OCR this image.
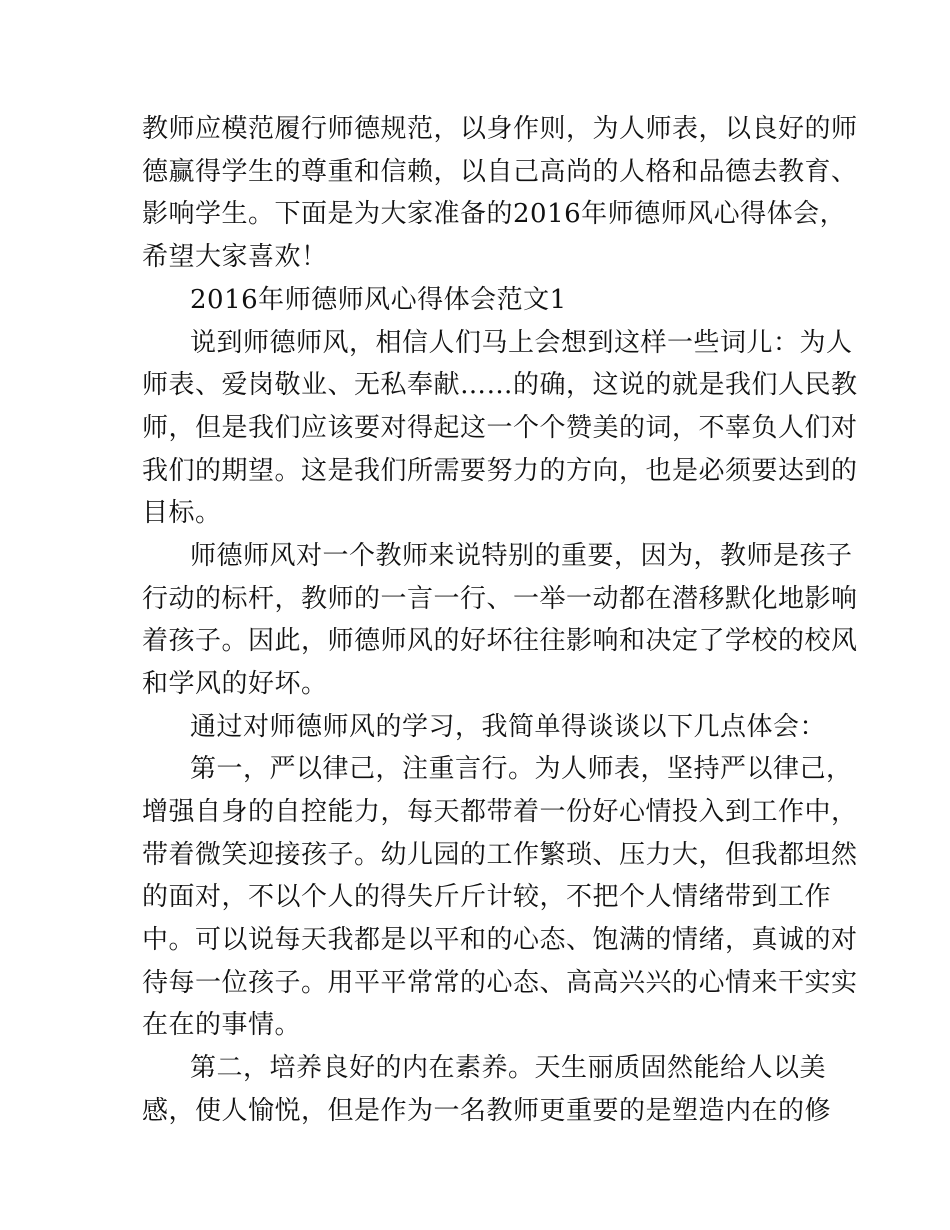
教师应模范履行师德规范，以身作则，为人师表，以良好的师
德赢得学生的尊重和信赖，以自己高尚的人格和品德去教育、
影响学生。下面是为大家准备的2016年师德师风心得体会，
希望大家喜欢！
2016年师德师风心得体会范文1
说到师德师风，相信人们马上会想到这样一些词儿：为人
师表、爱岗敬业、无私奉献……的确，这说的就是我们人民教
师，但是我们应该要对得起这一个个赞美的词，不辜负人们对
我们的期望。这是我们所需要努力的方向，也是必须要达到的
目标。
师德师风对一个教师来说特别的重要，因为，教师是孩子
行动的标杆，教师的一言一行、一举一动都在潜移默化地影响
着孩子。因此，师德师风的好坏往往影响和决定了学校的校风
和学风的好坏。
通过对师德师风的学习，我简单得谈谈以下几点体会：
第一，严以律己，注重言行。为人师表，坚持严以律己，
增强自身的自控能力，每天都带着一份好心情投入到工作中，
带着微笑迎接孩子。幼儿园的工作繁琐、压力大，但我都坦然
的面对，不以个人的得失斤斤计较，不把个人情绪带到工作
中。可以说每天我都是以平和的心态、饱满的情绪，真诚的对
待每一位孩子。用平平常常的心态、高高兴兴的心情来干实实
在在的事情。
第二，培养良好的内在素养。天生丽质固然能给人以美
感，使人愉悦，但是作为一名教师更重要的是塑造内在的修
